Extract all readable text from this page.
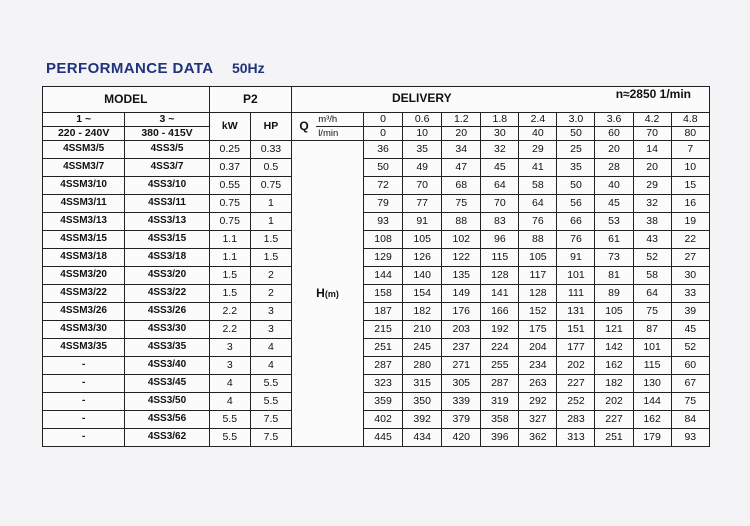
PERFORMANCE DATA 50Hz
MODEL		P2		DELIVERY n≈2850 1/min										

1 ~	3 ~	kW	HP	Q	m³/h	0	0.6	1.2	1.8	2.4	3.0	3.6	4.2	4.8
220 - 240V	380 - 415V				l/min	0	10	20	30	40	50	60	70	80
4SSM3/5	4SS3/5	0.25	0.33	H(m)		36	35	34	32	29	25	20	14	7
4SSM3/7	4SS3/7	0.37	0.5			50	49	47	45	41	35	28	20	10
4SSM3/10	4SS3/10	0.55	0.75			72	70	68	64	58	50	40	29	15
4SSM3/11	4SS3/11	0.75	1			79	77	75	70	64	56	45	32	16
4SSM3/13	4SS3/13	0.75	1			93	91	88	83	76	66	53	38	19
4SSM3/15	4SS3/15	1.1	1.5			108	105	102	96	88	76	61	43	22
4SSM3/18	4SS3/18	1.1	1.5			129	126	122	115	105	91	73	52	27
4SSM3/20	4SS3/20	1.5	2			144	140	135	128	117	101	81	58	30
4SSM3/22	4SS3/22	1.5	2			158	154	149	141	128	111	89	64	33
4SSM3/26	4SS3/26	2.2	3			187	182	176	166	152	131	105	75	39
4SSM3/30	4SS3/30	2.2	3			215	210	203	192	175	151	121	87	45
4SSM3/35	4SS3/35	3	4			251	245	237	224	204	177	142	101	52
-	4SS3/40	3	4			287	280	271	255	234	202	162	115	60
-	4SS3/45	4	5.5			323	315	305	287	263	227	182	130	67
-	4SS3/50	4	5.5			359	350	339	319	292	252	202	144	75
-	4SS3/56	5.5	7.5			402	392	379	358	327	283	227	162	84
-	4SS3/62	5.5	7.5			445	434	420	396	362	313	251	179	93
